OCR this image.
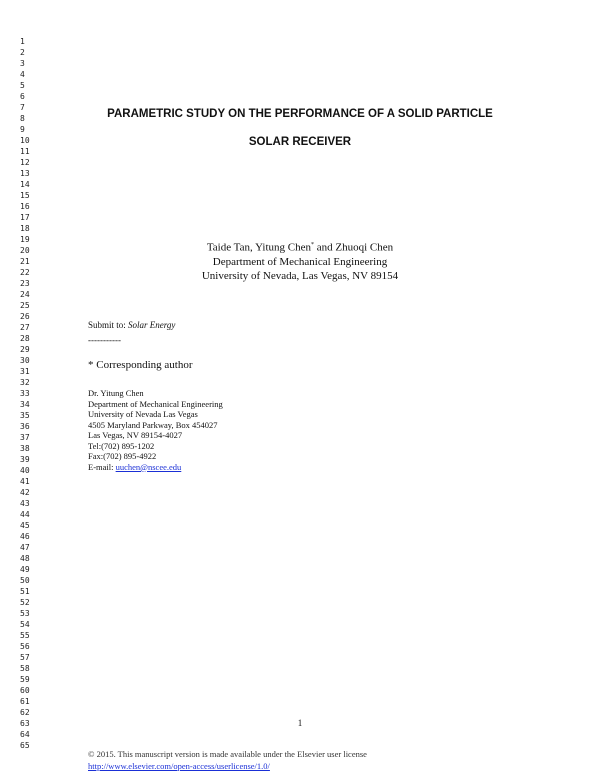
1
2
3
4
5
6
7
8
9
10
11
12
13
14
15
16
17
18
19
20
21
22
23
24
25
26
27
28
29
30
31
32
33
34
35
36
37
38
39
40
41
42
43
44
45
46
47
48
49
50
51
52
53
54
55
56
57
58
59
60
61
62
63
64
65
PARAMETRIC STUDY ON THE PERFORMANCE OF A SOLID PARTICLE
SOLAR RECEIVER
Taide Tan, Yitung Chen* and Zhuoqi Chen
Department of Mechanical Engineering
University of Nevada, Las Vegas, NV 89154
Submit to: Solar Energy
-----------
* Corresponding author
Dr. Yitung Chen
Department of Mechanical Engineering
University of Nevada Las Vegas
4505 Maryland Parkway, Box 454027
Las Vegas, NV 89154-4027
Tel:(702) 895-1202
Fax:(702) 895-4922
E-mail: uuchen@nscee.edu
1
© 2015. This manuscript version is made available under the Elsevier user license
http://www.elsevier.com/open-access/userlicense/1.0/
